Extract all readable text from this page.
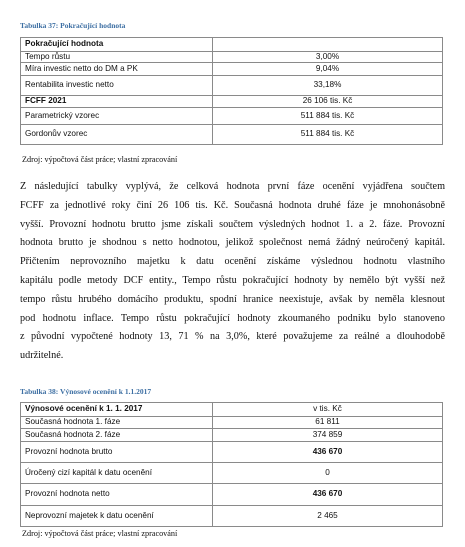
Tabulka 37: Pokračující hodnota
Pokračující hodnota	
Tempo růstu	3,00%
Míra investic netto do DM a PK	9,04%
Rentabilita investic netto	33,18%
FCFF 2021	26 106 tis. Kč
Parametrický vzorec	511 884 tis. Kč
Gordonův vzorec	511 884 tis. Kč
Zdroj: výpočtová část práce; vlastní zpracování
Z následující tabulky vyplývá, že celková hodnota první fáze ocenění vyjádřena součtem
FCFF za jednotlivé roky činí 26 106 tis. Kč. Současná hodnota druhé fáze je mnohonásobně
vyšší. Provozní hodnotu brutto jsme získali součtem výsledných hodnot 1. a 2. fáze. Provozní
hodnota brutto je shodnou s netto hodnotou, jelikož společnost nemá žádný neúročený kapitál.
Přičtením neprovozního majetku k datu ocenění získáme výslednou hodnotu vlastního
kapitálu podle metody DCF entity., Tempo růstu pokračující hodnoty by nemělo být vyšší než
tempo růstu hrubého domácího produktu, spodní hranice neexistuje, avšak by neměla klesnout
pod hodnotu inflace. Tempo růstu pokračující hodnoty zkoumaného podniku bylo stanoveno
z původní vypočtené hodnoty 13, 71 % na 3,0%, které považujeme za reálné a dlouhodobě
udržitelné.
Tabulka 38: Výnosové ocenění k 1.1.2017
Výnosové ocenění k 1. 1. 2017	v tis. Kč
Současná hodnota 1. fáze	61 811
Současná hodnota 2. fáze	374 859
Provozní hodnota brutto	436 670
Úročený cizí kapitál k datu ocenění	0
Provozní hodnota netto	436 670
Neprovozní majetek k datu ocenění	2 465
Zdroj: výpočtová část práce; vlastní zpracování
